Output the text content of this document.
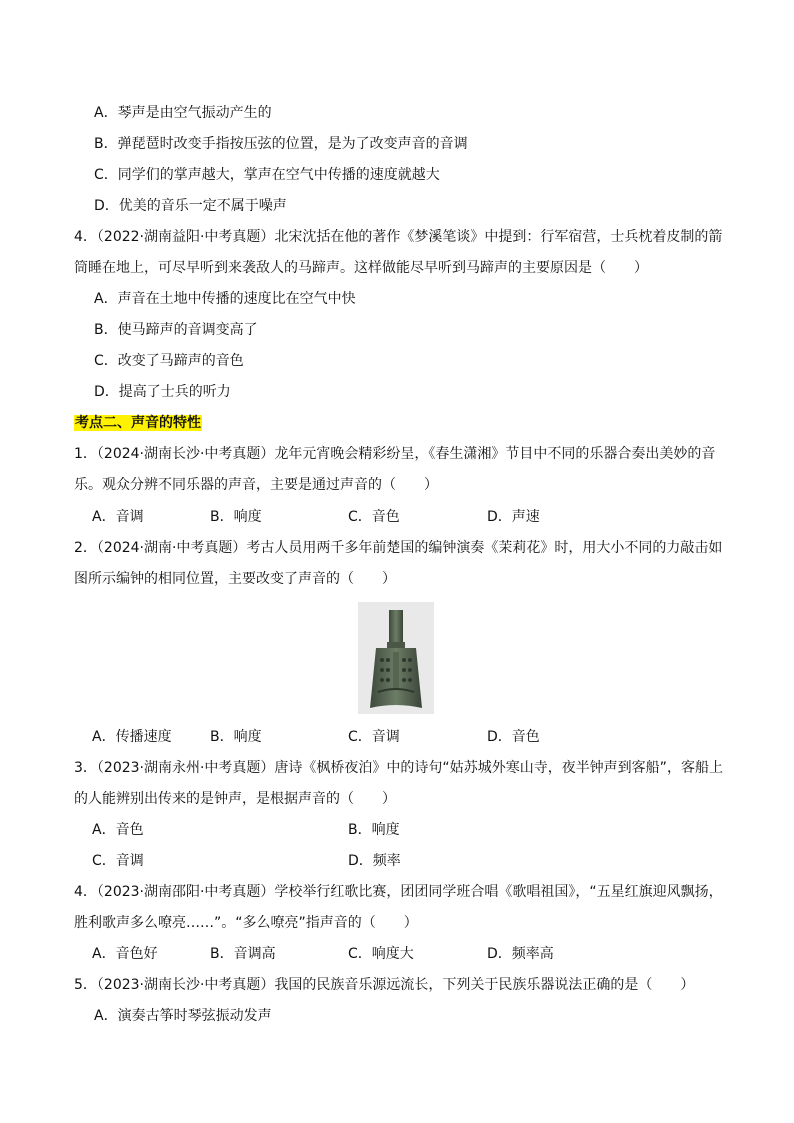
A．琴声是由空气振动产生的
B．弹琵琶时改变手指按压弦的位置，是为了改变声音的音调
C．同学们的掌声越大，掌声在空气中传播的速度就越大
D．优美的音乐一定不属于噪声
4．（2022·湖南益阳·中考真题）北宋沈括在他的著作《梦溪笔谈》中提到：行军宿营，士兵枕着皮制的箭
筒睡在地上，可尽早听到来袭敌人的马蹄声。这样做能尽早听到马蹄声的主要原因是（　　）
A．声音在土地中传播的速度比在空气中快
B．使马蹄声的音调变高了
C．改变了马蹄声的音色
D．提高了士兵的听力
考点二、声音的特性
1．（2024·湖南长沙·中考真题）龙年元宵晚会精彩纷呈，《春生潇湘》节目中不同的乐器合奏出美妙的音
乐。观众分辨不同乐器的声音，主要是通过声音的（　　）
A．音调	B．响度	C．音色	D．声速
2．（2024·湖南·中考真题）考古人员用两千多年前楚国的编钟演奏《茉莉花》时，用大小不同的力敲击如
图所示编钟的相同位置，主要改变了声音的（　　）
A．传播速度	B．响度	C．音调	D．音色
3．（2023·湖南永州·中考真题）唐诗《枫桥夜泊》中的诗句“姑苏城外寒山寺，夜半钟声到客船”，客船上
的人能辨别出传来的是钟声，是根据声音的（　　）
A．音色	B．响度
C．音调	D．频率
4．（2023·湖南邵阳·中考真题）学校举行红歌比赛，团团同学班合唱《歌唱祖国》，“五星红旗迎风飘扬，
胜利歌声多么嘹亮……”。“多么嘹亮”指声音的（　　）
A．音色好	B．音调高	C．响度大	D．频率高
5．（2023·湖南长沙·中考真题）我国的民族音乐源远流长，下列关于民族乐器说法正确的是（　　）
A．演奏古筝时琴弦振动发声
